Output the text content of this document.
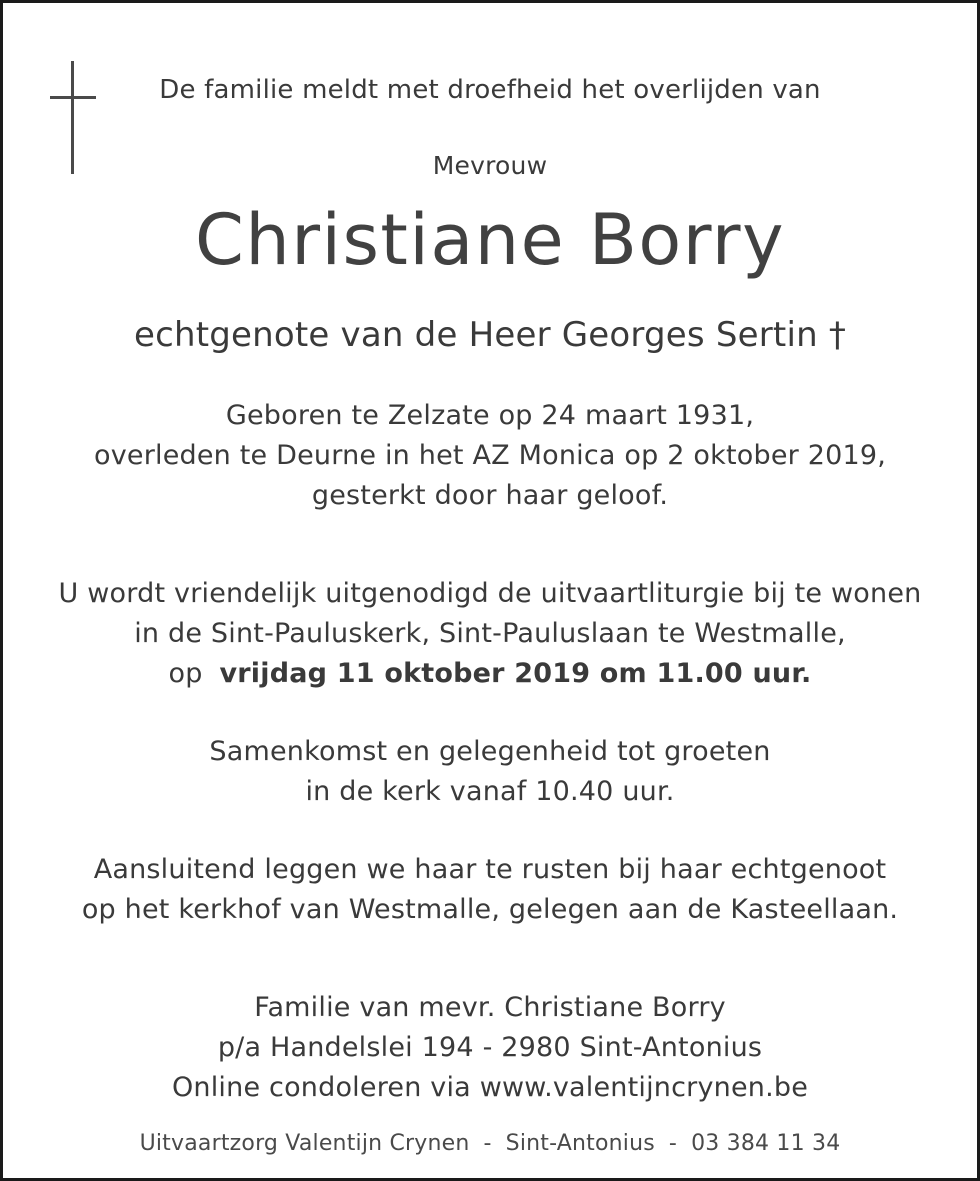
De familie meldt met droefheid het overlijden van
Mevrouw
Christiane Borry
echtgenote van de Heer Georges Sertin †
Geboren te Zelzate op 24 maart 1931,
overleden te Deurne in het AZ Monica op 2 oktober 2019,
gesterkt door haar geloof.
U wordt vriendelijk uitgenodigd de uitvaartliturgie bij te wonen
in de Sint-Pauluskerk, Sint-Pauluslaan te Westmalle,
op vrijdag 11 oktober 2019 om 11.00 uur.
Samenkomst en gelegenheid tot groeten
in de kerk vanaf 10.40 uur.
Aansluitend leggen we haar te rusten bij haar echtgenoot
op het kerkhof van Westmalle, gelegen aan de Kasteellaan.
Familie van mevr. Christiane Borry
p/a Handelslei 194 - 2980 Sint-Antonius
Online condoleren via www.valentijncrynen.be
Uitvaartzorg Valentijn Crynen - Sint-Antonius - 03 384 11 34
